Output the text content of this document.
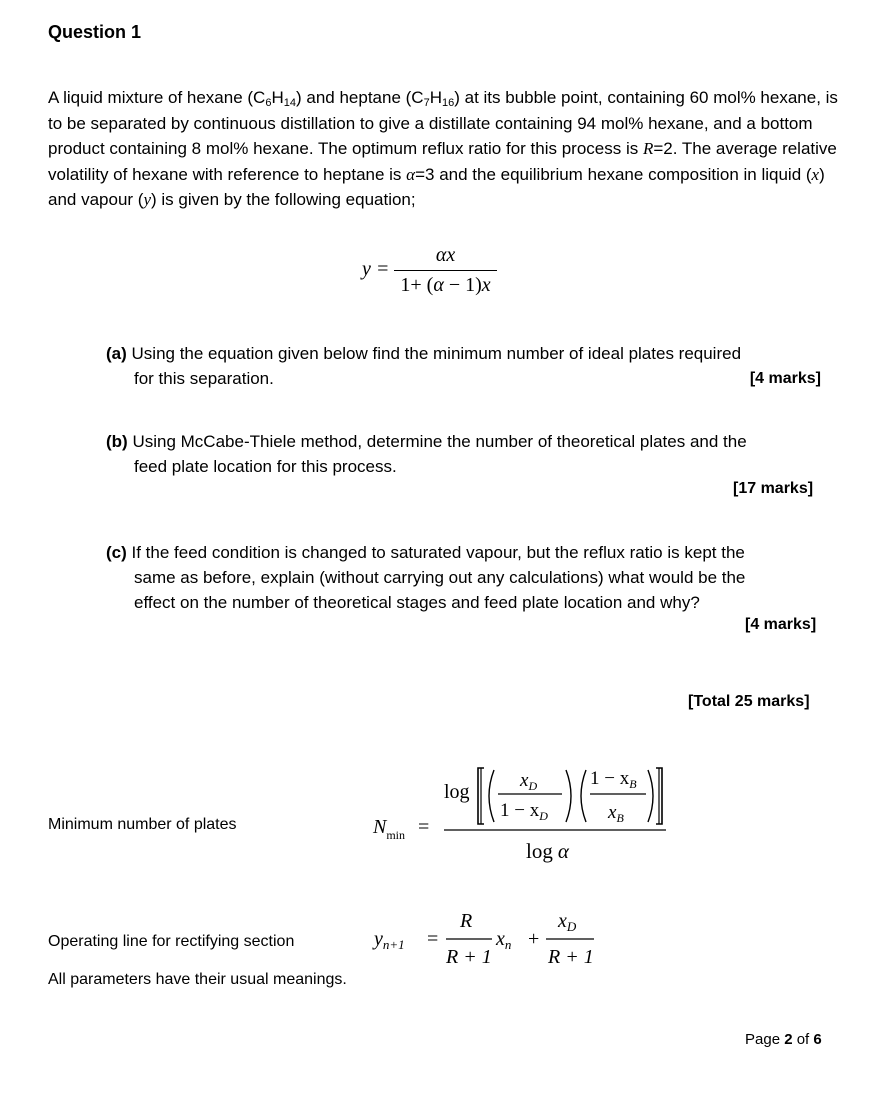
Question 1
A liquid mixture of hexane $(C_6H_{14})$ and heptane $(C_7H_{16})$ at its bubble point, containing 60 mol% hexane, is to be separated by continuous distillation to give a distillate containing 94 mol% hexane, and a bottom product containing 8 mol% hexane. The optimum reflux ratio for this process is R=2. The average relative volatility of hexane with reference to heptane is α=3 and the equilibrium hexane composition in liquid (x) and vapour (y) is given by the following equation;
$y = \frac{\alpha x}{1+ (\alpha - 1)x}$
(a) Using the equation given below find the minimum number of ideal plates required
for this separation.	[4 marks]
(b) Using McCabe-Thiele method, determine the number of theoretical plates and the
feed plate location for this process.
[17 marks]
(c) If the feed condition is changed to saturated vapour, but the reflux ratio is kept the
same as before, explain (without carrying out any calculations) what would be the
effect on the number of theoretical stages and feed plate location and why?
[4 marks]
[Total 25 marks]
Minimum number of plates	$N_{min}$ =
log
$x_D$
$1 - x_D$
$1 - x_B$
$x_B$
log α
Operating line for rectifying section	$y_{n+1}$ =
R
R + 1
$x_n$ +
$x_D$
R + 1
All parameters have their usual meanings.
Page 2 of 6
